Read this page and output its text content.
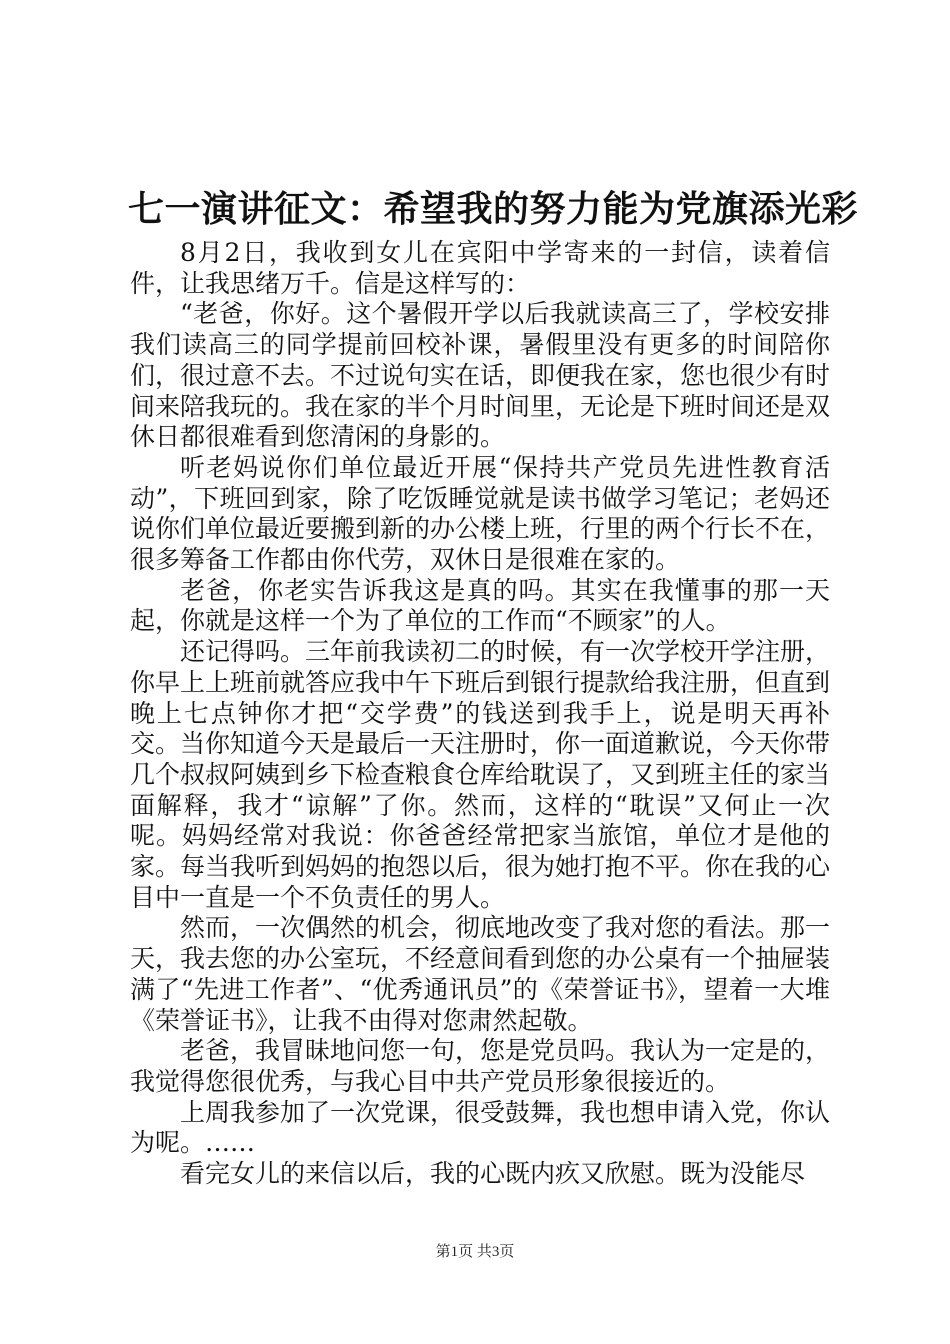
七一演讲征文：希望我的努力能为党旗添光彩

8月2日，我收到女儿在宾阳中学寄来的一封信，读着信件，让我思绪万千。信是这样写的：

“老爸，你好。这个暑假开学以后我就读高三了，学校安排我们读高三的同学提前回校补课，暑假里没有更多的时间陪你们，很过意不去。不过说句实在话，即便我在家，您也很少有时间来陪我玩的。我在家的半个月时间里，无论是下班时间还是双休日都很难看到您清闲的身影的。

听老妈说你们单位最近开展“保持共产党员先进性教育活动”，下班回到家，除了吃饭睡觉就是读书做学习笔记；老妈还说你们单位最近要搬到新的办公楼上班，行里的两个行长不在，很多筹备工作都由你代劳，双休日是很难在家的。

老爸，你老实告诉我这是真的吗。其实在我懂事的那一天起，你就是这样一个为了单位的工作而“不顾家”的人。

还记得吗。三年前我读初二的时候，有一次学校开学注册，你早上上班前就答应我中午下班后到银行提款给我注册，但直到晚上七点钟你才把“交学费”的钱送到我手上，说是明天再补交。当你知道今天是最后一天注册时，你一面道歉说，今天你带几个叔叔阿姨到乡下检查粮食仓库给耽误了，又到班主任的家当面解释，我才“谅解”了你。然而，这样的“耽误”又何止一次呢。妈妈经常对我说：你爸爸经常把家当旅馆，单位才是他的家。每当我听到妈妈的抱怨以后，很为她打抱不平。你在我的心目中一直是一个不负责任的男人。

然而，一次偶然的机会，彻底地改变了我对您的看法。那一天，我去您的办公室玩，不经意间看到您的办公桌有一个抽屉装满了“先进工作者”、“优秀通讯员”的《荣誉证书》，望着一大堆《荣誉证书》，让我不由得对您肃然起敬。

老爸，我冒昧地问您一句，您是党员吗。我认为一定是的，我觉得您很优秀，与我心目中共产党员形象很接近的。

上周我参加了一次党课，很受鼓舞，我也想申请入党，你认为呢。……

看完女儿的来信以后，我的心既内疚又欣慰。既为没能尽

第1页 共3页
